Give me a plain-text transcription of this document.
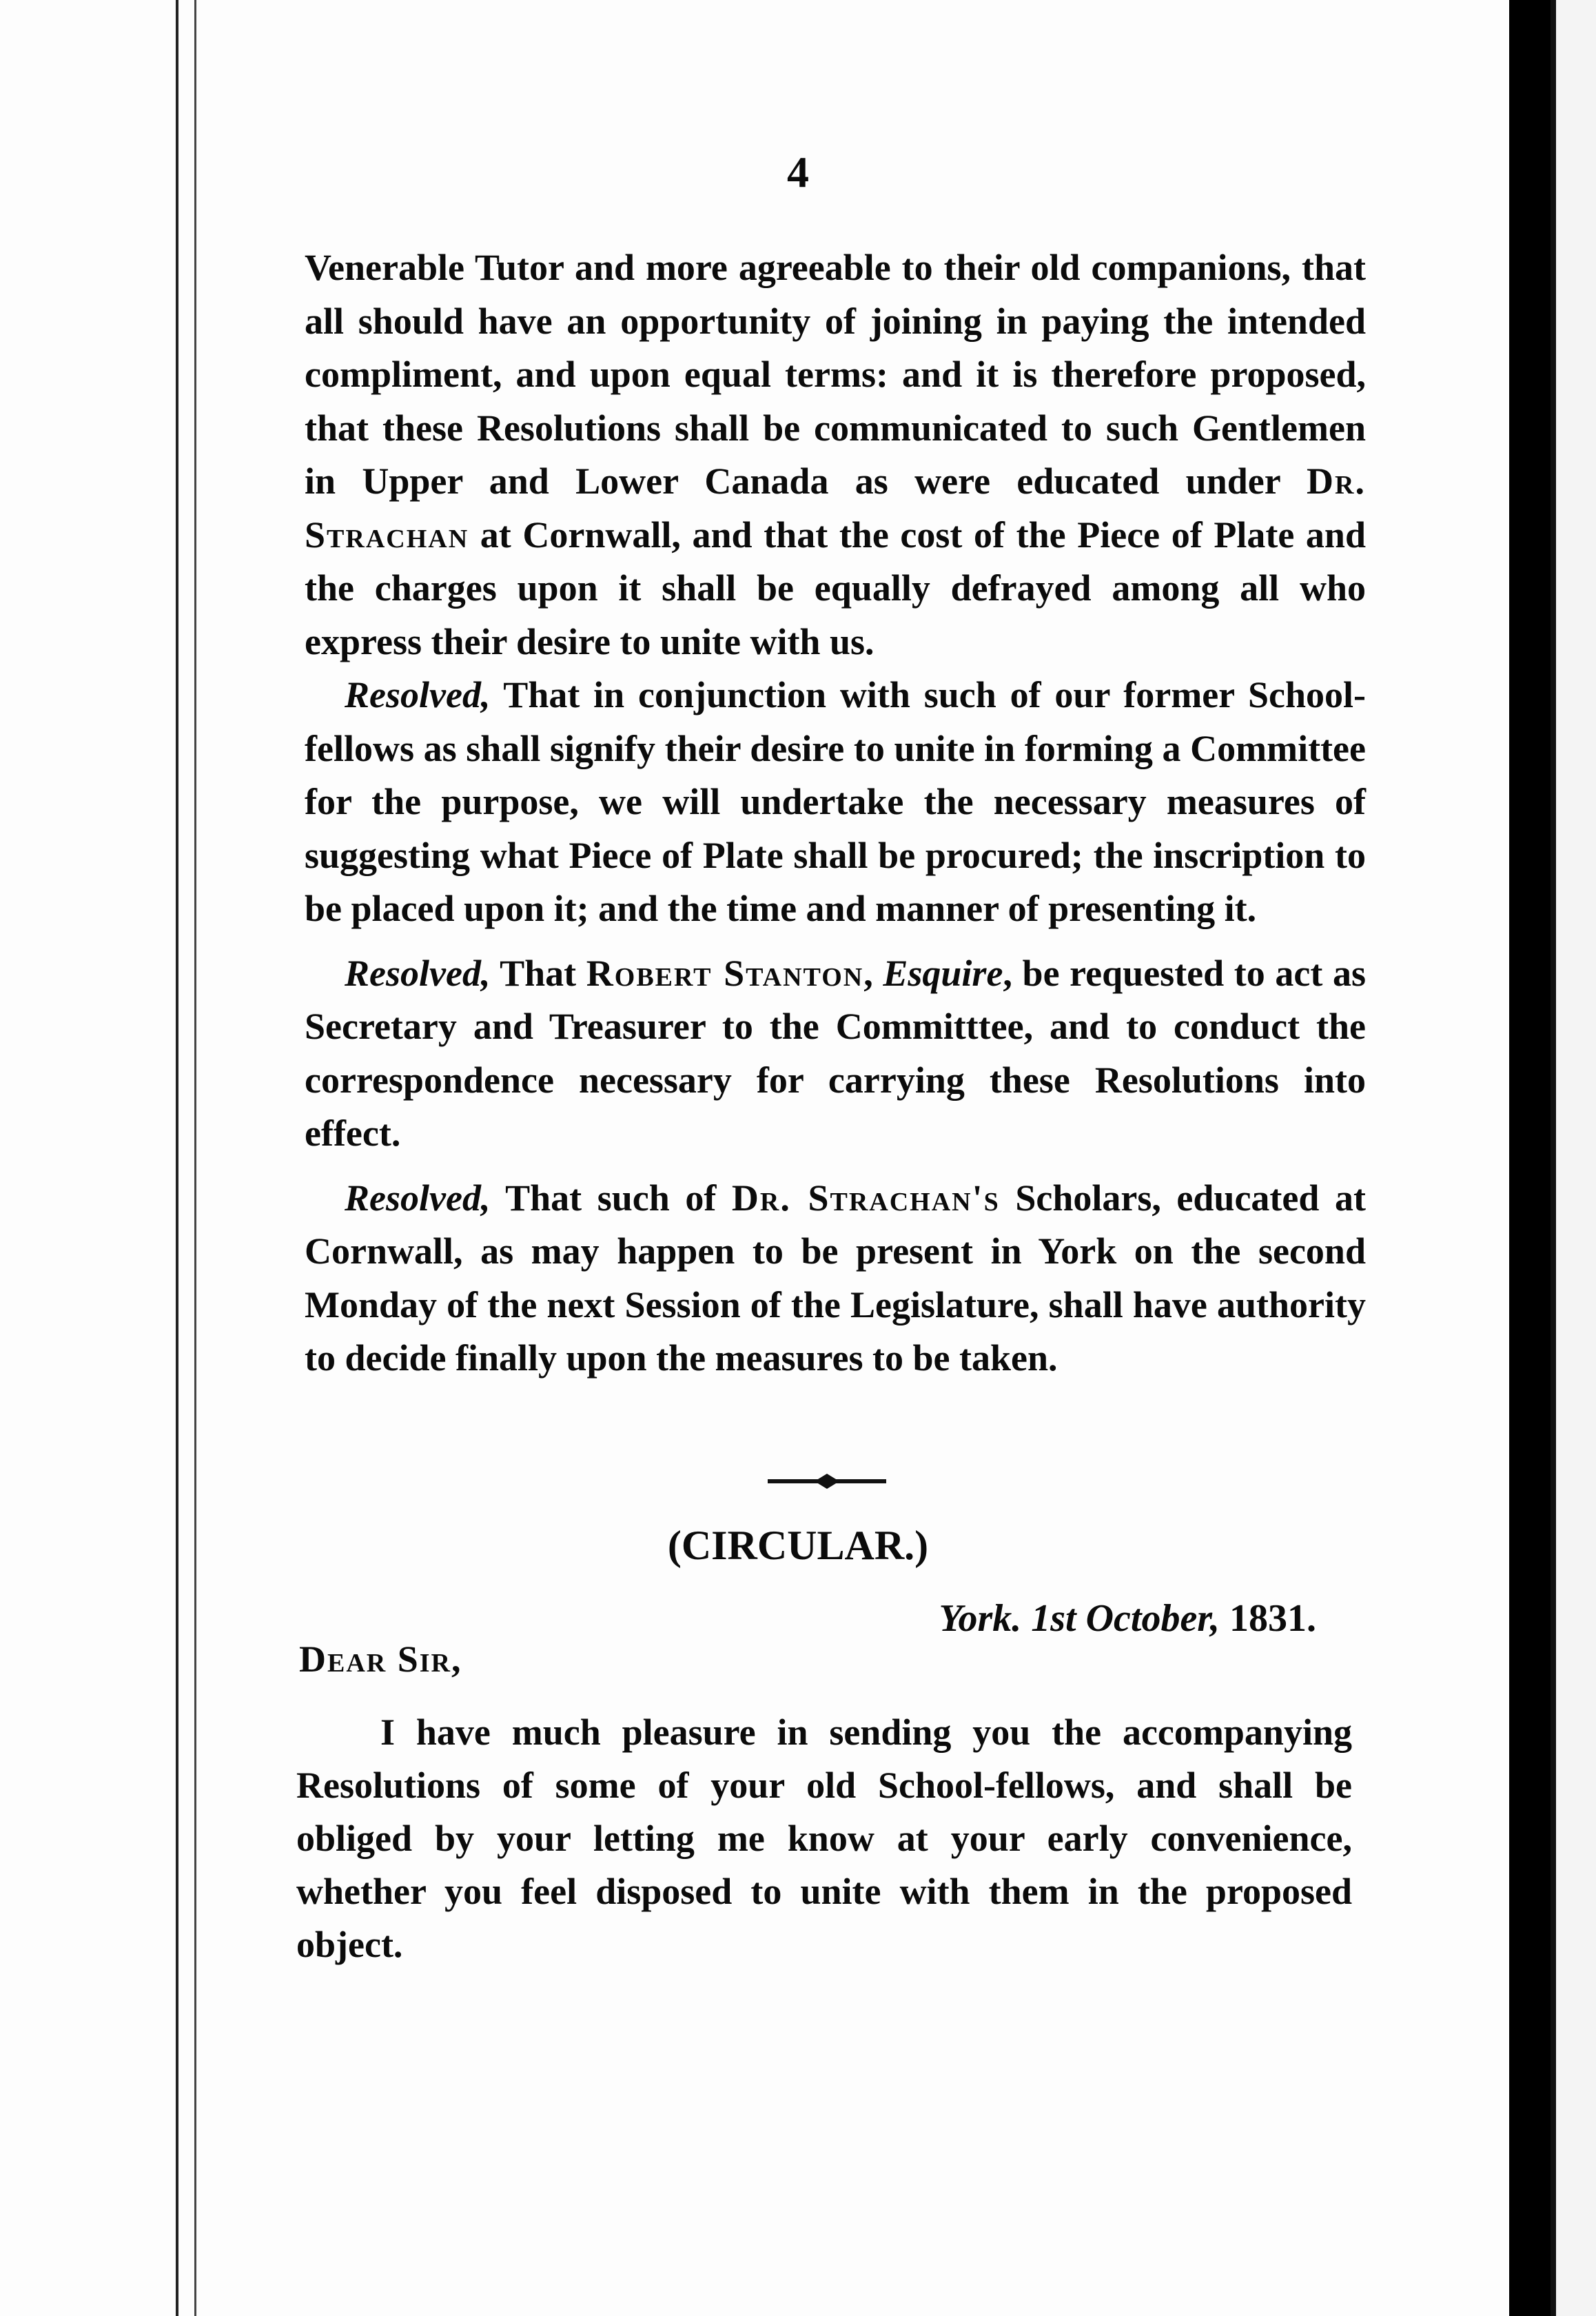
4

Venerable Tutor and more agreeable to their old companions, that all should have an opportunity of joining in paying the intended compliment, and upon equal terms: and it is therefore proposed, that these Resolutions shall be communicated to such Gentlemen in Upper and Lower Canada as were educated under Dr. Strachan at Cornwall, and that the cost of the Piece of Plate and the charges upon it shall be equally defrayed among all who express their desire to unite with us.

Resolved, That in conjunction with such of our former School-fellows as shall signify their desire to unite in forming a Committee for the purpose, we will undertake the necessary measures of suggesting what Piece of Plate shall be procured; the inscription to be placed upon it; and the time and manner of presenting it.

Resolved, That Robert Stanton, Esquire, be requested to act as Secretary and Treasurer to the Committtee, and to conduct the correspondence necessary for carrying these Resolutions into effect.

Resolved, That such of Dr. Strachan's Scholars, educated at Cornwall, as may happen to be present in York on the second Monday of the next Session of the Legislature, shall have authority to decide finally upon the measures to be taken.

(CIRCULAR.)
York. 1st October, 1831.
Dear Sir,

I have much pleasure in sending you the accompanying Resolutions of some of your old School-fellows, and shall be obliged by your letting me know at your early convenience, whether you feel disposed to unite with them in the proposed object.
